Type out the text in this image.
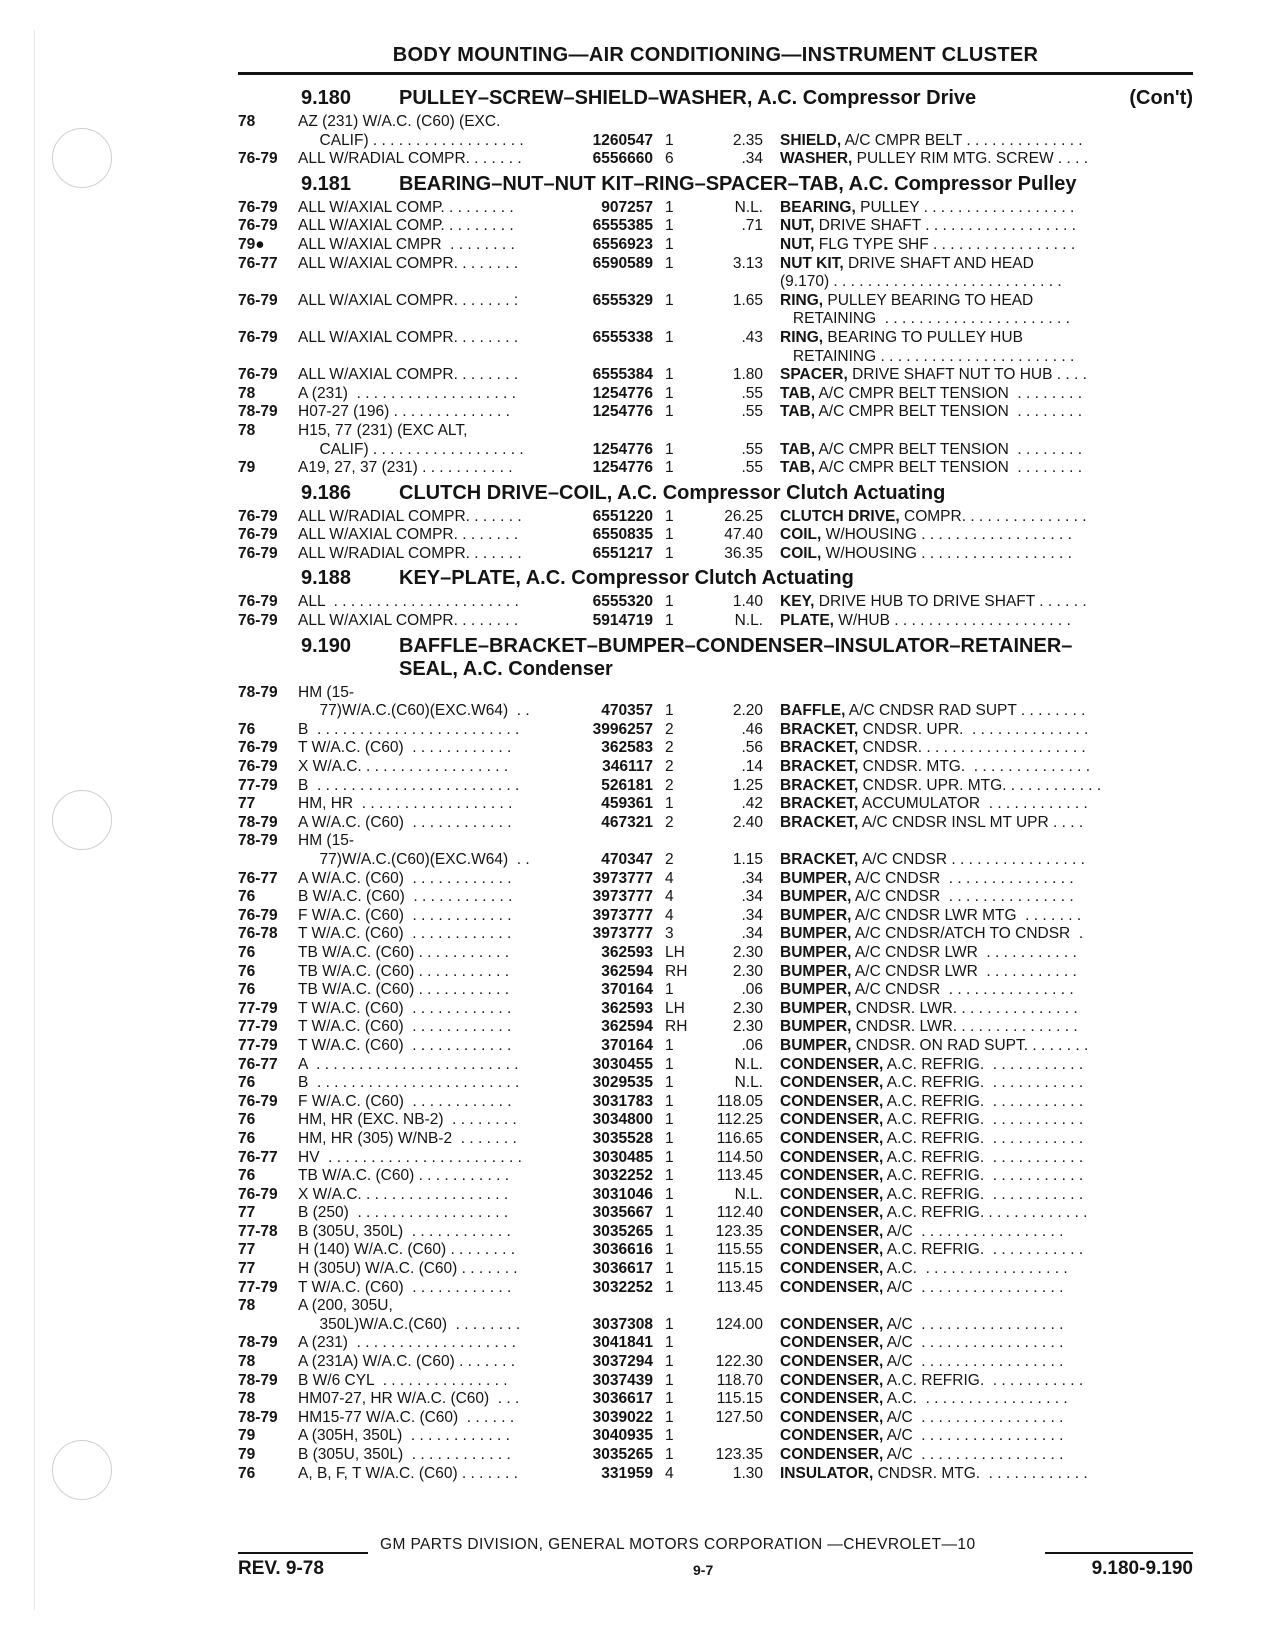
BODY MOUNTING—AIR CONDITIONING—INSTRUMENT CLUSTER
9.180	PULLEY–SCREW–SHIELD–WASHER, A.C. Compressor Drive	(Con't)
78	AZ (231) W/A.C. (C60) (EXC.
CALIF) . . . . . . . . . . . . . . . . . .	1260547 1	2.35	SHIELD, A/C CMPR BELT . . . . . . . . . . . . . .
76-79	ALL W/RADIAL COMPR. . . . . . .	6556660 6	.34	WASHER, PULLEY RIM MTG. SCREW . . . .
9.181	BEARING–NUT–NUT KIT–RING–SPACER–TAB, A.C. Compressor Pulley
76-79	ALL W/AXIAL COMP. . . . . . . . .	907257 1	N.L.	BEARING, PULLEY . . . . . . . . . . . . . . . . . .
76-79	ALL W/AXIAL COMP. . . . . . . . .	6555385 1	.71	NUT, DRIVE SHAFT . . . . . . . . . . . . . . . . . .
79●	ALL W/AXIAL CMPR  . . . . . . . .	6556923 1	NUT, FLG TYPE SHF . . . . . . . . . . . . . . . . .
76-77	ALL W/AXIAL COMPR. . . . . . . .	6590589 1	3.13	NUT KIT, DRIVE SHAFT AND HEAD
(9.170) . . . . . . . . . . . . . . . . . . . . . . . . . . .
76-79	ALL W/AXIAL COMPR. . . . . . . :	6555329 1	1.65	RING, PULLEY BEARING TO HEAD
RETAINING  . . . . . . . . . . . . . . . . . . . . . .
76-79	ALL W/AXIAL COMPR. . . . . . . .	6555338 1	.43	RING, BEARING TO PULLEY HUB
RETAINING . . . . . . . . . . . . . . . . . . . . . . .
76-79	ALL W/AXIAL COMPR. . . . . . . .	6555384 1	1.80	SPACER, DRIVE SHAFT NUT TO HUB . . . .
78	A (231)  . . . . . . . . . . . . . . . . . . .	1254776 1	.55	TAB, A/C CMPR BELT TENSION  . . . . . . . .
78-79	H07-27 (196) . . . . . . . . . . . . . .	1254776 1	.55	TAB, A/C CMPR BELT TENSION  . . . . . . . .
78	H15, 77 (231) (EXC ALT,
CALIF) . . . . . . . . . . . . . . . . . .	1254776 1	.55	TAB, A/C CMPR BELT TENSION  . . . . . . . .
79	A19, 27, 37 (231) . . . . . . . . . . .	1254776 1	.55	TAB, A/C CMPR BELT TENSION  . . . . . . . .
9.186	CLUTCH DRIVE–COIL, A.C. Compressor Clutch Actuating
76-79	ALL W/RADIAL COMPR. . . . . . .	6551220 1	26.25	CLUTCH DRIVE, COMPR. . . . . . . . . . . . . . .
76-79	ALL W/AXIAL COMPR. . . . . . . .	6550835 1	47.40	COIL, W/HOUSING . . . . . . . . . . . . . . . . . .
76-79	ALL W/RADIAL COMPR. . . . . . .	6551217 1	36.35	COIL, W/HOUSING . . . . . . . . . . . . . . . . . .
9.188	KEY–PLATE, A.C. Compressor Clutch Actuating
76-79	ALL  . . . . . . . . . . . . . . . . . . . . . .	6555320 1	1.40	KEY, DRIVE HUB TO DRIVE SHAFT . . . . . .
76-79	ALL W/AXIAL COMPR. . . . . . . .	5914719 1	N.L.	PLATE, W/HUB . . . . . . . . . . . . . . . . . . . . .
9.190	BAFFLE–BRACKET–BUMPER–CONDENSER–INSULATOR–RETAINER–
SEAL, A.C. Condenser
78-79	HM (15-
77)W/A.C.(C60)(EXC.W64)  . .	470357 1	2.20	BAFFLE, A/C CNDSR RAD SUPT . . . . . . . .
76	B  . . . . . . . . . . . . . . . . . . . . . . . .	3996257 2	.46	BRACKET, CNDSR. UPR.  . . . . . . . . . . . . . .
76-79	T W/A.C. (C60)  . . . . . . . . . . . .	362583 2	.56	BRACKET, CNDSR. . . . . . . . . . . . . . . . . . . .
76-79	X W/A.C. . . . . . . . . . . . . . . . . .	346117 2	.14	BRACKET, CNDSR. MTG.  . . . . . . . . . . . . . .
77-79	B  . . . . . . . . . . . . . . . . . . . . . . . .	526181 2	1.25	BRACKET, CNDSR. UPR. MTG. . . . . . . . . . . .
77	HM, HR  . . . . . . . . . . . . . . . . . .	459361 1	.42	BRACKET, ACCUMULATOR  . . . . . . . . . . . .
78-79	A W/A.C. (C60)  . . . . . . . . . . . .	467321 2	2.40	BRACKET, A/C CNDSR INSL MT UPR . . . .
78-79	HM (15-
77)W/A.C.(C60)(EXC.W64)  . .	470347 2	1.15	BRACKET, A/C CNDSR . . . . . . . . . . . . . . . .
76-77	A W/A.C. (C60)  . . . . . . . . . . . .	3973777 4	.34	BUMPER, A/C CNDSR  . . . . . . . . . . . . . . .
76	B W/A.C. (C60)  . . . . . . . . . . . .	3973777 4	.34	BUMPER, A/C CNDSR  . . . . . . . . . . . . . . .
76-79	F W/A.C. (C60)  . . . . . . . . . . . .	3973777 4	.34	BUMPER, A/C CNDSR LWR MTG  . . . . . . .
76-78	T W/A.C. (C60)  . . . . . . . . . . . .	3973777 3	.34	BUMPER, A/C CNDSR/ATCH TO CNDSR  .
76	TB W/A.C. (C60) . . . . . . . . . . .	362593 LH	2.30	BUMPER, A/C CNDSR LWR  . . . . . . . . . . .
76	TB W/A.C. (C60) . . . . . . . . . . .	362594 RH	2.30	BUMPER, A/C CNDSR LWR  . . . . . . . . . . .
76	TB W/A.C. (C60) . . . . . . . . . . .	370164 1	.06	BUMPER, A/C CNDSR  . . . . . . . . . . . . . . .
77-79	T W/A.C. (C60)  . . . . . . . . . . . .	362593 LH	2.30	BUMPER, CNDSR. LWR. . . . . . . . . . . . . . .
77-79	T W/A.C. (C60)  . . . . . . . . . . . .	362594 RH	2.30	BUMPER, CNDSR. LWR. . . . . . . . . . . . . . .
77-79	T W/A.C. (C60)  . . . . . . . . . . . .	370164 1	.06	BUMPER, CNDSR. ON RAD SUPT. . . . . . . .
76-77	A  . . . . . . . . . . . . . . . . . . . . . . . .	3030455 1	N.L.	CONDENSER, A.C. REFRIG.  . . . . . . . . . . .
76	B  . . . . . . . . . . . . . . . . . . . . . . . .	3029535 1	N.L.	CONDENSER, A.C. REFRIG.  . . . . . . . . . . .
76-79	F W/A.C. (C60)  . . . . . . . . . . . .	3031783 1	118.05	CONDENSER, A.C. REFRIG.  . . . . . . . . . . .
76	HM, HR (EXC. NB-2)  . . . . . . . .	3034800 1	112.25	CONDENSER, A.C. REFRIG.  . . . . . . . . . . .
76	HM, HR (305) W/NB-2  . . . . . . .	3035528 1	116.65	CONDENSER, A.C. REFRIG.  . . . . . . . . . . .
76-77	HV  . . . . . . . . . . . . . . . . . . . . . . .	3030485 1	114.50	CONDENSER, A.C. REFRIG.  . . . . . . . . . . .
76	TB W/A.C. (C60) . . . . . . . . . . .	3032252 1	113.45	CONDENSER, A.C. REFRIG.  . . . . . . . . . . .
76-79	X W/A.C. . . . . . . . . . . . . . . . . .	3031046 1	N.L.	CONDENSER, A.C. REFRIG.  . . . . . . . . . . .
77	B (250)  . . . . . . . . . . . . . . . . . .	3035667 1	112.40	CONDENSER, A.C. REFRIG. . . . . . . . . . . . .
77-78	B (305U, 350L)  . . . . . . . . . . . .	3035265 1	123.35	CONDENSER, A/C  . . . . . . . . . . . . . . . . .
77	H (140) W/A.C. (C60) . . . . . . . .	3036616 1	115.55	CONDENSER, A.C. REFRIG.  . . . . . . . . . . .
77	H (305U) W/A.C. (C60) . . . . . . .	3036617 1	115.15	CONDENSER, A.C.  . . . . . . . . . . . . . . . . .
77-79	T W/A.C. (C60)  . . . . . . . . . . . .	3032252 1	113.45	CONDENSER, A/C  . . . . . . . . . . . . . . . . .
78	A (200, 305U,
350L)W/A.C.(C60)  . . . . . . . .	3037308 1	124.00	CONDENSER, A/C  . . . . . . . . . . . . . . . . .
78-79	A (231)  . . . . . . . . . . . . . . . . . . .	3041841 1	CONDENSER, A/C  . . . . . . . . . . . . . . . . .
78	A (231A) W/A.C. (C60) . . . . . . .	3037294 1	122.30	CONDENSER, A/C  . . . . . . . . . . . . . . . . .
78-79	B W/6 CYL  . . . . . . . . . . . . . . .	3037439 1	118.70	CONDENSER, A.C. REFRIG.  . . . . . . . . . . .
78	HM07-27, HR W/A.C. (C60)  . . .	3036617 1	115.15	CONDENSER, A.C.  . . . . . . . . . . . . . . . . .
78-79	HM15-77 W/A.C. (C60)  . . . . . .	3039022 1	127.50	CONDENSER, A/C  . . . . . . . . . . . . . . . . .
79	A (305H, 350L)  . . . . . . . . . . . .	3040935 1	CONDENSER, A/C  . . . . . . . . . . . . . . . . .
79	B (305U, 350L)  . . . . . . . . . . . .	3035265 1	123.35	CONDENSER, A/C  . . . . . . . . . . . . . . . . .
76	A, B, F, T W/A.C. (C60) . . . . . . .	331959 4	1.30	INSULATOR, CNDSR. MTG.  . . . . . . . . . . . .
GM PARTS DIVISION, GENERAL MOTORS CORPORATION —CHEVROLET—10
REV. 9-78	9-7	9.180-9.190
